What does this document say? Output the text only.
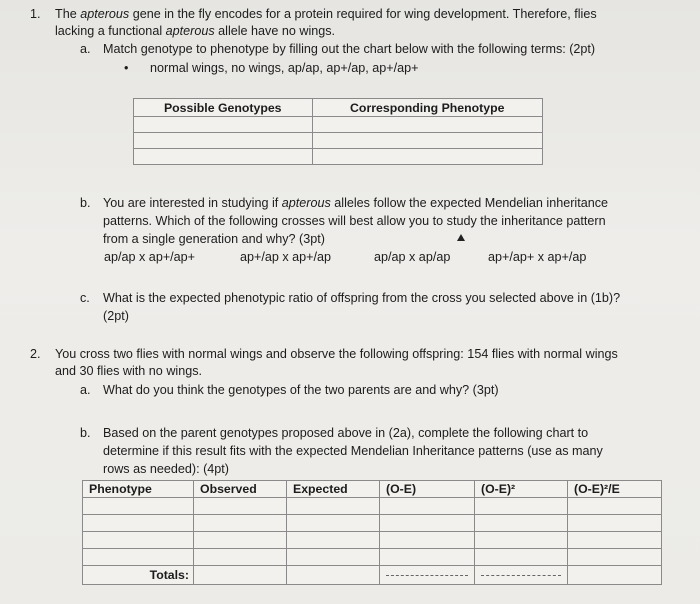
1. The apterous gene in the fly encodes for a protein required for wing development. Therefore, flies
lacking a functional apterous allele have no wings.
a. Match genotype to phenotype by filling out the chart below with the following terms: (2pt)
• normal wings, no wings, ap/ap, ap+/ap, ap+/ap+
Possible Genotypes	Corresponding Phenotype

b. You are interested in studying if apterous alleles follow the expected Mendelian inheritance
patterns. Which of the following crosses will best allow you to study the inheritance pattern
from a single generation and why? (3pt)
ap/ap x ap+/ap+	ap+/ap x ap+/ap	ap/ap x ap/ap	ap+/ap+ x ap+/ap
c. What is the expected phenotypic ratio of offspring from the cross you selected above in (1b)?
(2pt)
2. You cross two flies with normal wings and observe the following offspring: 154 flies with normal wings
and 30 flies with no wings.
a. What do you think the genotypes of the two parents are and why? (3pt)
b. Based on the parent genotypes proposed above in (2a), complete the following chart to
determine if this result fits with the expected Mendelian Inheritance patterns (use as many
rows as needed): (4pt)
Phenotype	Observed	Expected	(O-E)	(O-E)²	(O-E)²/E

Totals:			
